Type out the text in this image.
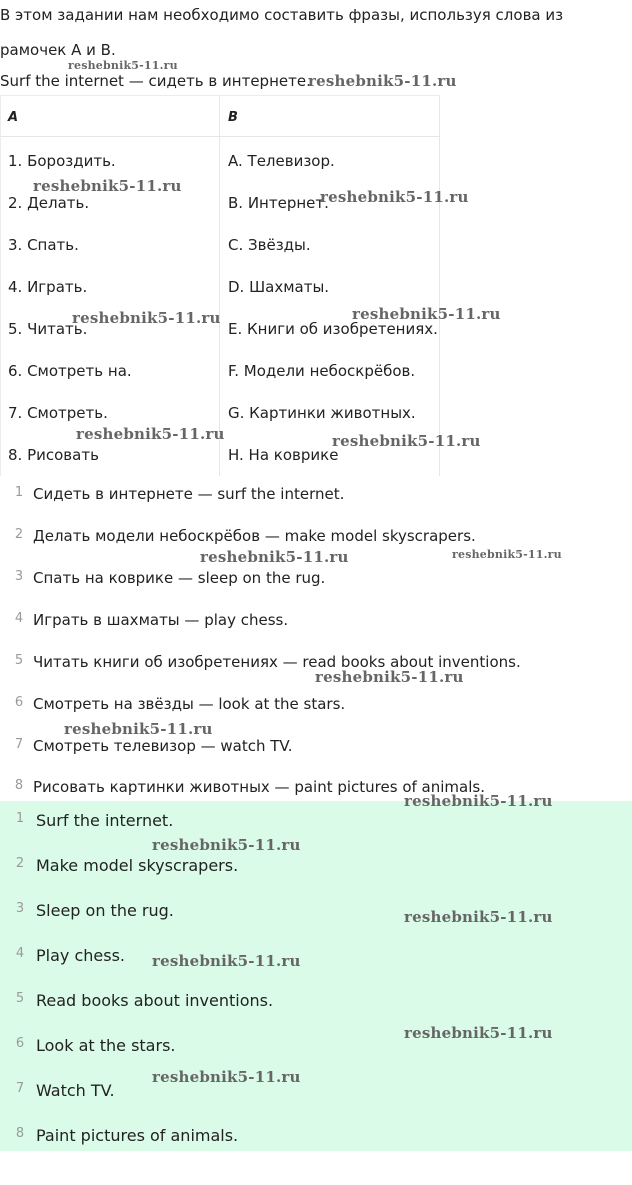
В этом задании нам необходимо составить фразы, используя слова из
рамочек А и В.
Surf the internet — сидеть в интернете.
A	B
1. Бороздить.	A. Телевизор.
2. Делать.	B. Интернет.
3. Спать.	C. Звёзды.
4. Играть.	D. Шахматы.
5. Читать.	E. Книги об изобретениях.
6. Смотреть на.	F. Модели небоскрёбов.
7. Смотреть.	G. Картинки животных.
8. Рисовать	H. На коврике
1 Сидеть в интернете — surf the internet.
2 Делать модели небоскрёбов — make model skyscrapers.
3 Спать на коврике — sleep on the rug.
4 Играть в шахматы — play chess.
5 Читать книги об изобретениях — read books about inventions.
6 Смотреть на звёзды — look at the stars.
7 Смотреть телевизор — watch TV.
8 Рисовать картинки животных — paint pictures of animals.
1 Surf the internet.
2 Make model skyscrapers.
3 Sleep on the rug.
4 Play chess.
5 Read books about inventions.
6 Look at the stars.
7 Watch TV.
8 Paint pictures of animals.
reshebnik5-11.ru
reshebnik5-11.ru
reshebnik5-11.ru
reshebnik5-11.ru
reshebnik5-11.ru	reshebnik5-11.ru
reshebnik5-11.ru	reshebnik5-11.ru
reshebnik5-11.ru	reshebnik5-11.ru
reshebnik5-11.ru
reshebnik5-11.ru
reshebnik5-11.ru
reshebnik5-11.ru
reshebnik5-11.ru
reshebnik5-11.ru
reshebnik5-11.ru
reshebnik5-11.ru
